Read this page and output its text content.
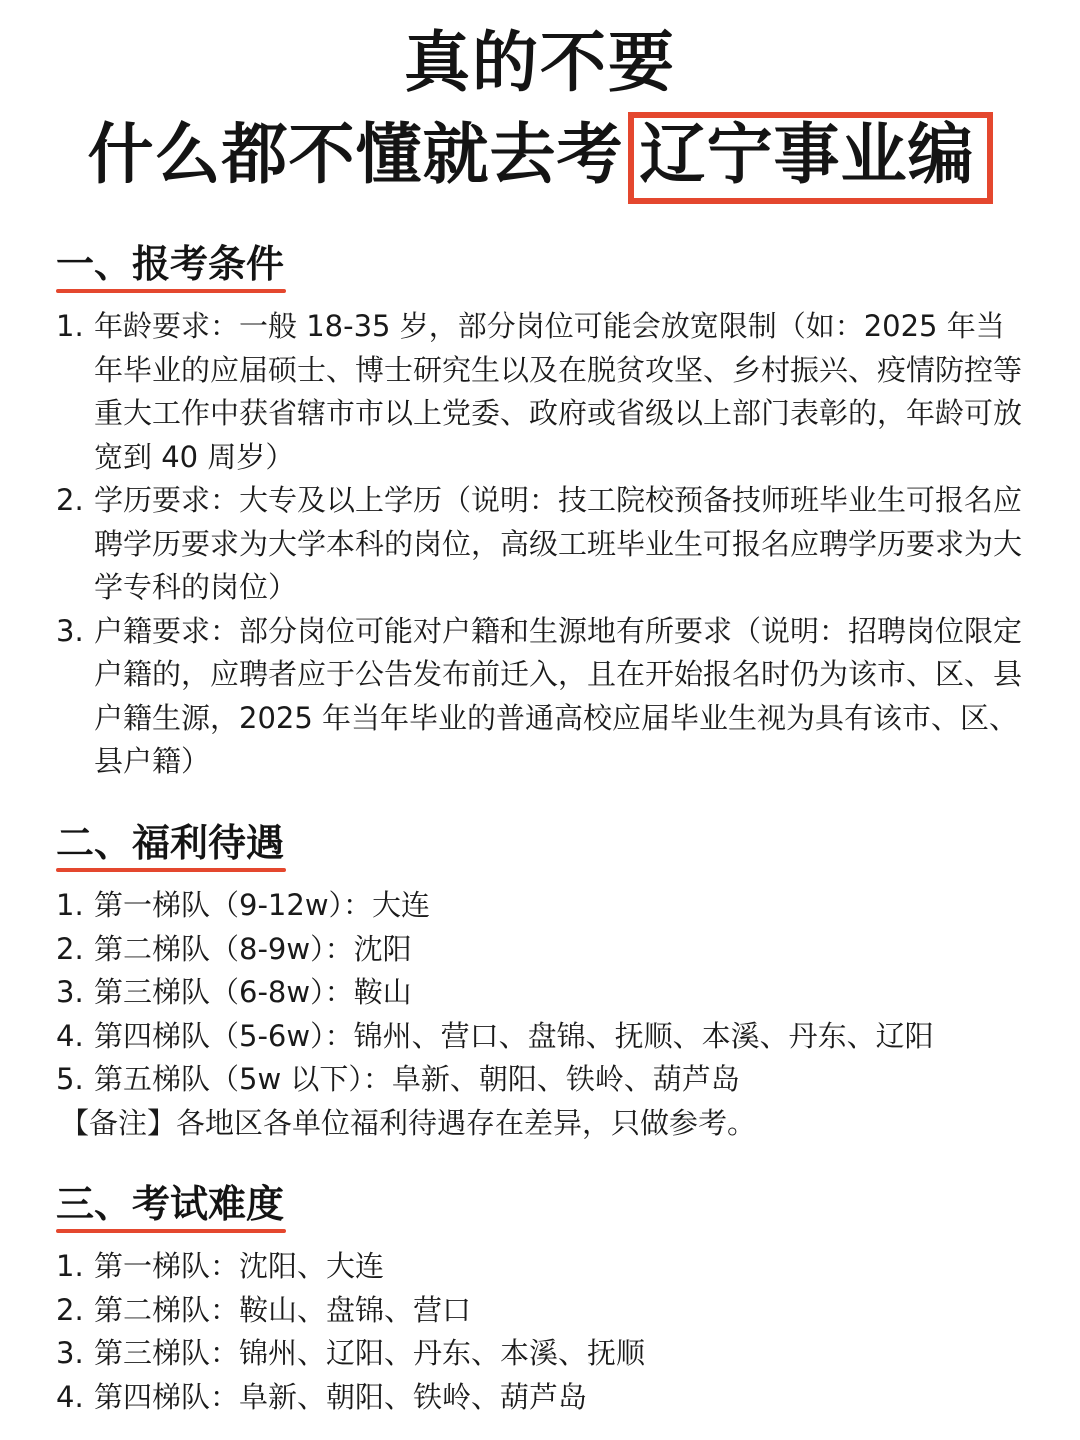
真的不要
什么都不懂就去考 辽宁事业编
一、报考条件
1. 年龄要求：一般 18-35 岁，部分岗位可能会放宽限制（如：2025 年当年毕业的应届硕士、博士研究生以及在脱贫攻坚、乡村振兴、疫情防控等重大工作中获省辖市市以上党委、政府或省级以上部门表彰的，年龄可放宽到 40 周岁）
2. 学历要求：大专及以上学历（说明：技工院校预备技师班毕业生可报名应聘学历要求为大学本科的岗位，高级工班毕业生可报名应聘学历要求为大学专科的岗位）
3. 户籍要求：部分岗位可能对户籍和生源地有所要求（说明：招聘岗位限定户籍的，应聘者应于公告发布前迁入，且在开始报名时仍为该市、区、县户籍生源，2025 年当年毕业的普通高校应届毕业生视为具有该市、区、县户籍）
二、福利待遇
1. 第一梯队（9-12w）：大连
2. 第二梯队（8-9w）：沈阳
3. 第三梯队（6-8w）：鞍山
4. 第四梯队（5-6w）：锦州、营口、盘锦、抚顺、本溪、丹东、辽阳
5. 第五梯队（5w 以下）：阜新、朝阳、铁岭、葫芦岛

【备注】各地区各单位福利待遇存在差异，只做参考。

三、考试难度
1. 第一梯队：沈阳、大连
2. 第二梯队：鞍山、盘锦、营口
3. 第三梯队：锦州、辽阳、丹东、本溪、抚顺
4. 第四梯队：阜新、朝阳、铁岭、葫芦岛
